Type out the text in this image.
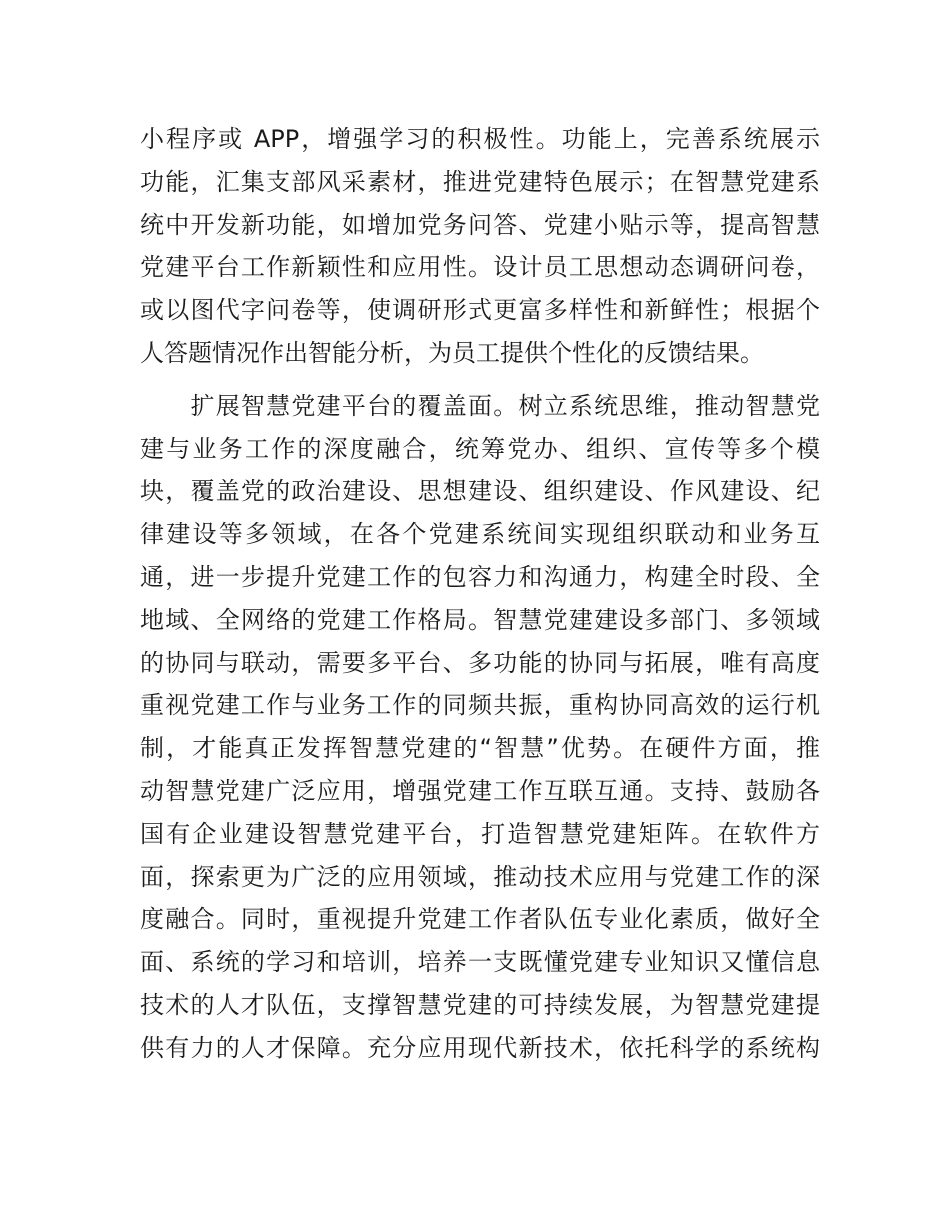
小程序或 APP，增强学习的积极性。功能上，完善系统展示
功能，汇集支部风采素材，推进党建特色展示；在智慧党建系
统中开发新功能，如增加党务问答、党建小贴示等，提高智慧
党建平台工作新颖性和应用性。设计员工思想动态调研问卷，
或以图代字问卷等，使调研形式更富多样性和新鲜性；根据个
人答题情况作出智能分析，为员工提供个性化的反馈结果。
　　扩展智慧党建平台的覆盖面。树立系统思维，推动智慧党
建与业务工作的深度融合，统筹党办、组织、宣传等多个模
块，覆盖党的政治建设、思想建设、组织建设、作风建设、纪
律建设等多领域，在各个党建系统间实现组织联动和业务互
通，进一步提升党建工作的包容力和沟通力，构建全时段、全
地域、全网络的党建工作格局。智慧党建建设多部门、多领域
的协同与联动，需要多平台、多功能的协同与拓展，唯有高度
重视党建工作与业务工作的同频共振，重构协同高效的运行机
制，才能真正发挥智慧党建的“智慧”优势。在硬件方面，推
动智慧党建广泛应用，增强党建工作互联互通。支持、鼓励各
国有企业建设智慧党建平台，打造智慧党建矩阵。在软件方
面，探索更为广泛的应用领域，推动技术应用与党建工作的深
度融合。同时，重视提升党建工作者队伍专业化素质，做好全
面、系统的学习和培训，培养一支既懂党建专业知识又懂信息
技术的人才队伍，支撑智慧党建的可持续发展，为智慧党建提
供有力的人才保障。充分应用现代新技术，依托科学的系统构
